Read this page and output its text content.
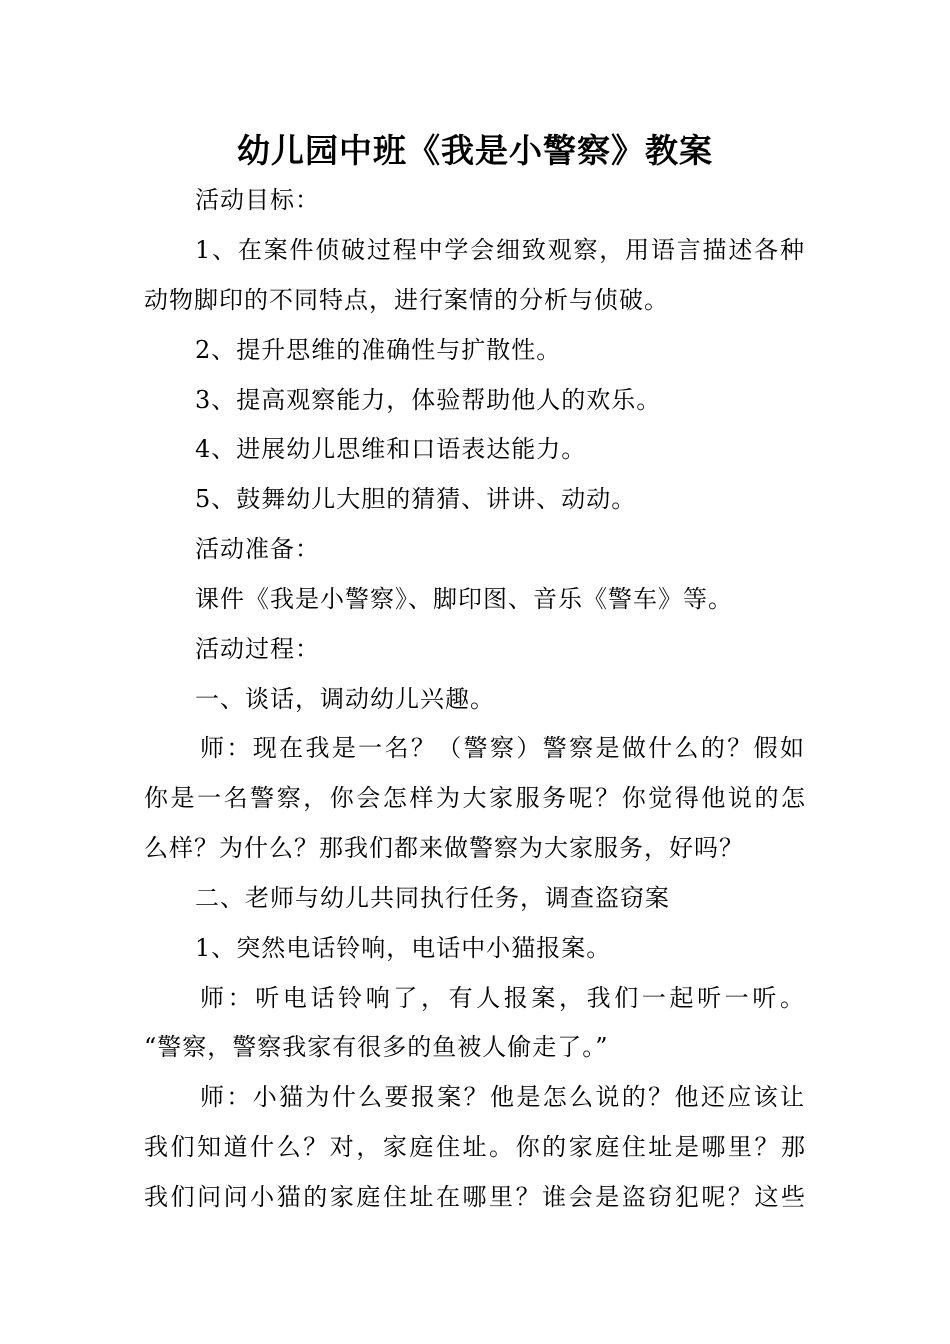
幼儿园中班《我是小警察》教案
活动目标：
1、在案件侦破过程中学会细致观察，用语言描述各种
动物脚印的不同特点，进行案情的分析与侦破。
2、提升思维的准确性与扩散性。
3、提高观察能力，体验帮助他人的欢乐。
4、进展幼儿思维和口语表达能力。
5、鼓舞幼儿大胆的猜猜、讲讲、动动。
活动准备：
课件《我是小警察》、脚印图、音乐《警车》等。
活动过程：
一、谈话，调动幼儿兴趣。
师：现在我是一名？（警察）警察是做什么的？假如
你是一名警察，你会怎样为大家服务呢？你觉得他说的怎
么样？为什么？那我们都来做警察为大家服务，好吗？
二、老师与幼儿共同执行任务，调查盗窃案
1、突然电话铃响，电话中小猫报案。
师：听电话铃响了，有人报案，我们一起听一听。
“警察，警察我家有很多的鱼被人偷走了。”
师：小猫为什么要报案？他是怎么说的？他还应该让
我们知道什么？对，家庭住址。你的家庭住址是哪里？那
我们问问小猫的家庭住址在哪里？谁会是盗窃犯呢？这些
